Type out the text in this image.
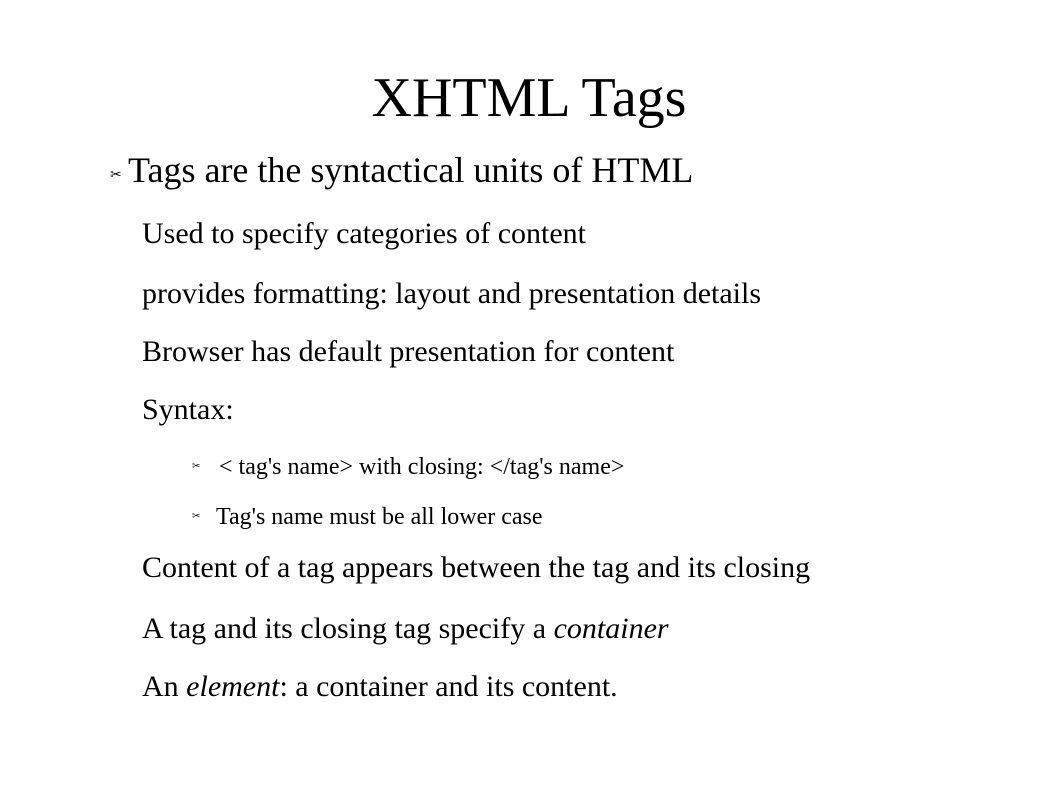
XHTML Tags
✂ Tags are the syntactical units of HTML
Used to specify categories of content
provides formatting: layout and presentation details
Browser has default presentation for content
Syntax:
✂ < tag's name> with closing: </tag's name>
✂ Tag's name must be all lower case
Content of a tag appears between the tag and its closing
A tag and its closing tag specify a container
An element: a container and its content.
